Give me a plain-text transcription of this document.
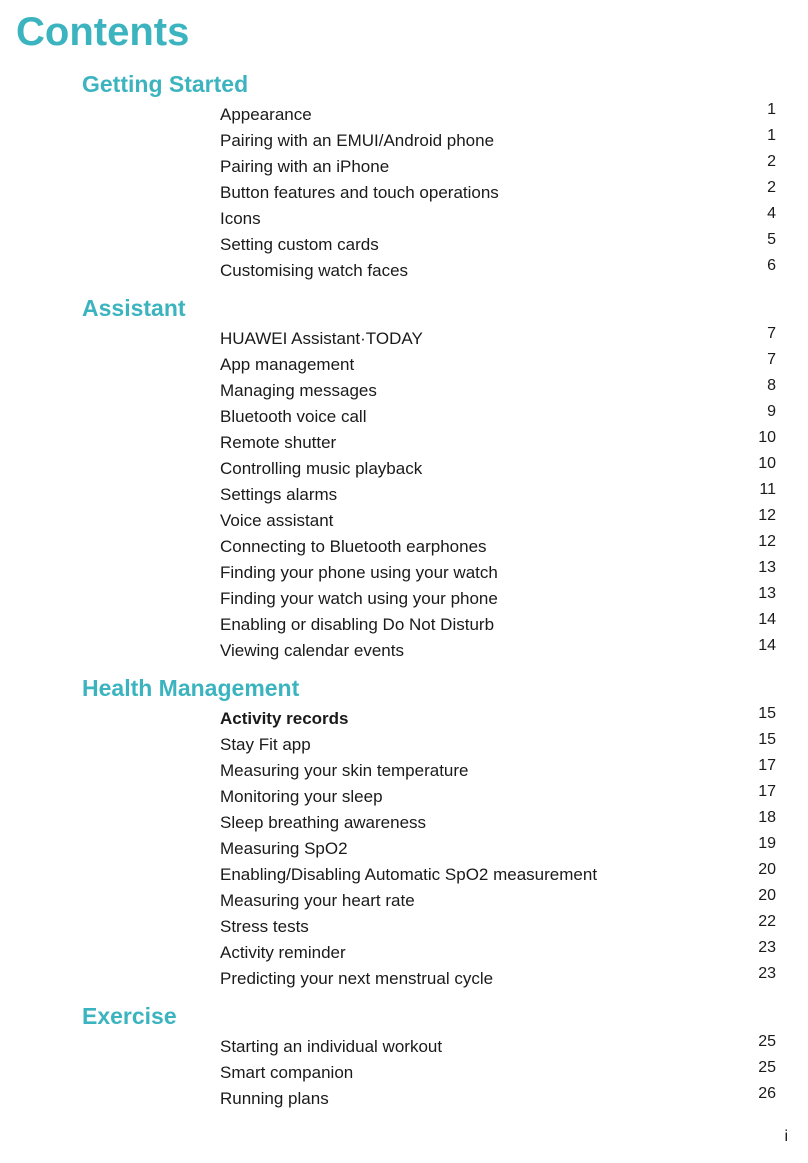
Contents
Getting Started
Appearance	1
Pairing with an EMUI/Android phone	1
Pairing with an iPhone	2
Button features and touch operations	2
Icons	4
Setting custom cards	5
Customising watch faces	6
Assistant
HUAWEI Assistant·TODAY	7
App management	7
Managing messages	8
Bluetooth voice call	9
Remote shutter	10
Controlling music playback	10
Settings alarms	11
Voice assistant	12
Connecting to Bluetooth earphones	12
Finding your phone using your watch	13
Finding your watch using your phone	13
Enabling or disabling Do Not Disturb	14
Viewing calendar events	14
Health Management
Activity records	15
Stay Fit app	15
Measuring your skin temperature	17
Monitoring your sleep	17
Sleep breathing awareness	18
Measuring SpO2	19
Enabling/Disabling Automatic SpO2 measurement	20
Measuring your heart rate	20
Stress tests	22
Activity reminder	23
Predicting your next menstrual cycle	23
Exercise
Starting an individual workout	25
Smart companion	25
Running plans	26
i
